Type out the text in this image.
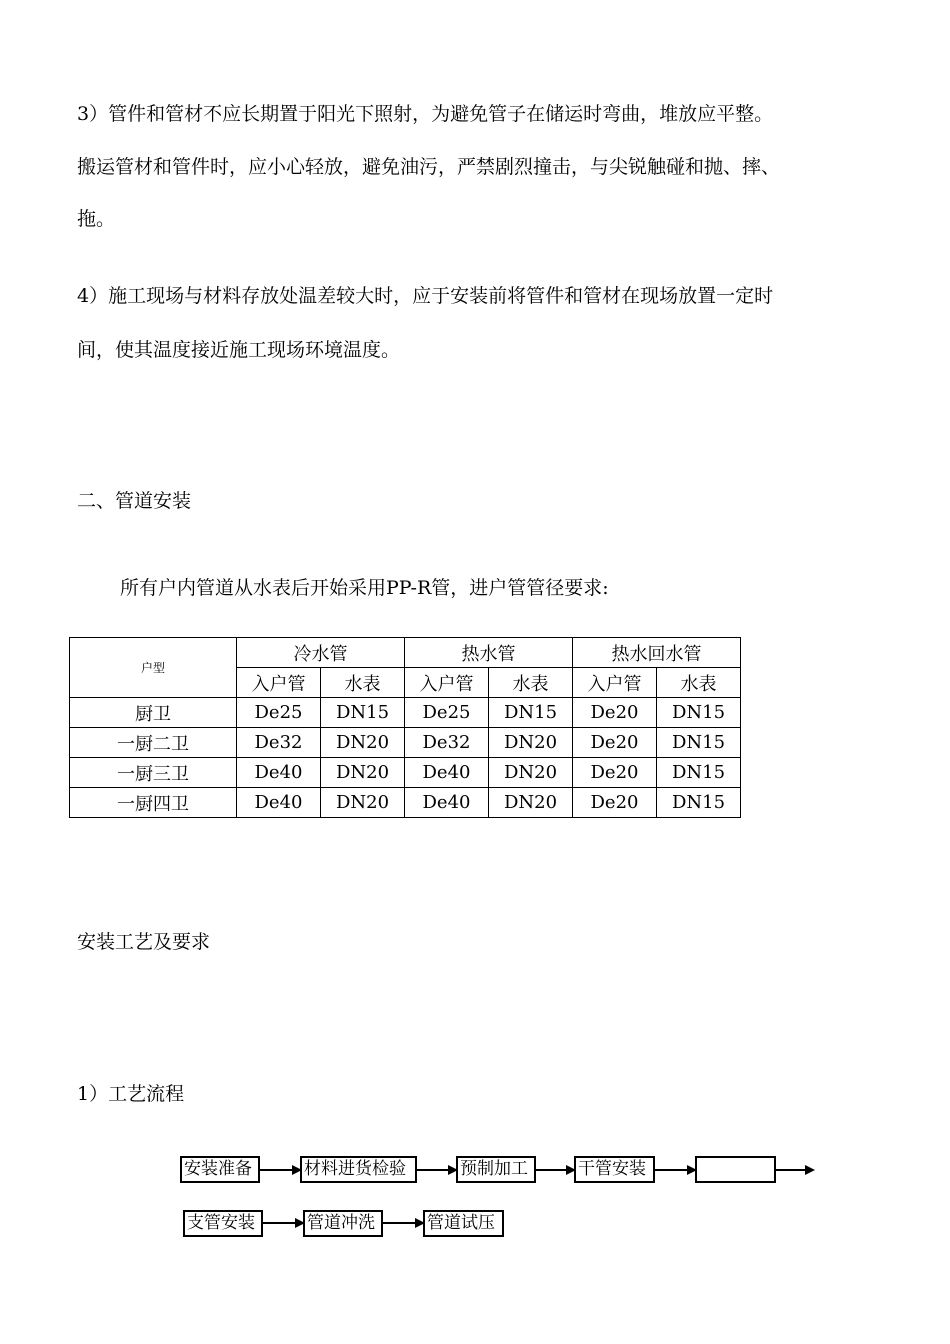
3）管件和管材不应长期置于阳光下照射，为避免管子在储运时弯曲，堆放应平整。
搬运管材和管件时，应小心轻放，避免油污，严禁剧烈撞击，与尖锐触碰和抛、摔、
拖。
4）施工现场与材料存放处温差较大时，应于安装前将管件和管材在现场放置一定时
间，使其温度接近施工现场环境温度。
二、管道安装
所有户内管道从水表后开始采用PP-R管，进户管管径要求:
户型	冷水管		热水管		热水回水管	
	入户管	水表	入户管	水表	入户管	水表
厨卫	De25	DN15	De25	DN15	De20	DN15
一厨二卫	De32	DN20	De32	DN20	De20	DN15
一厨三卫	De40	DN20	De40	DN20	De20	DN15
一厨四卫	De40	DN20	De40	DN20	De20	DN15
安装工艺及要求
1）工艺流程
安装准备	材料进货检验	预制加工	干管安装
支管安装	管道冲洗	管道试压
